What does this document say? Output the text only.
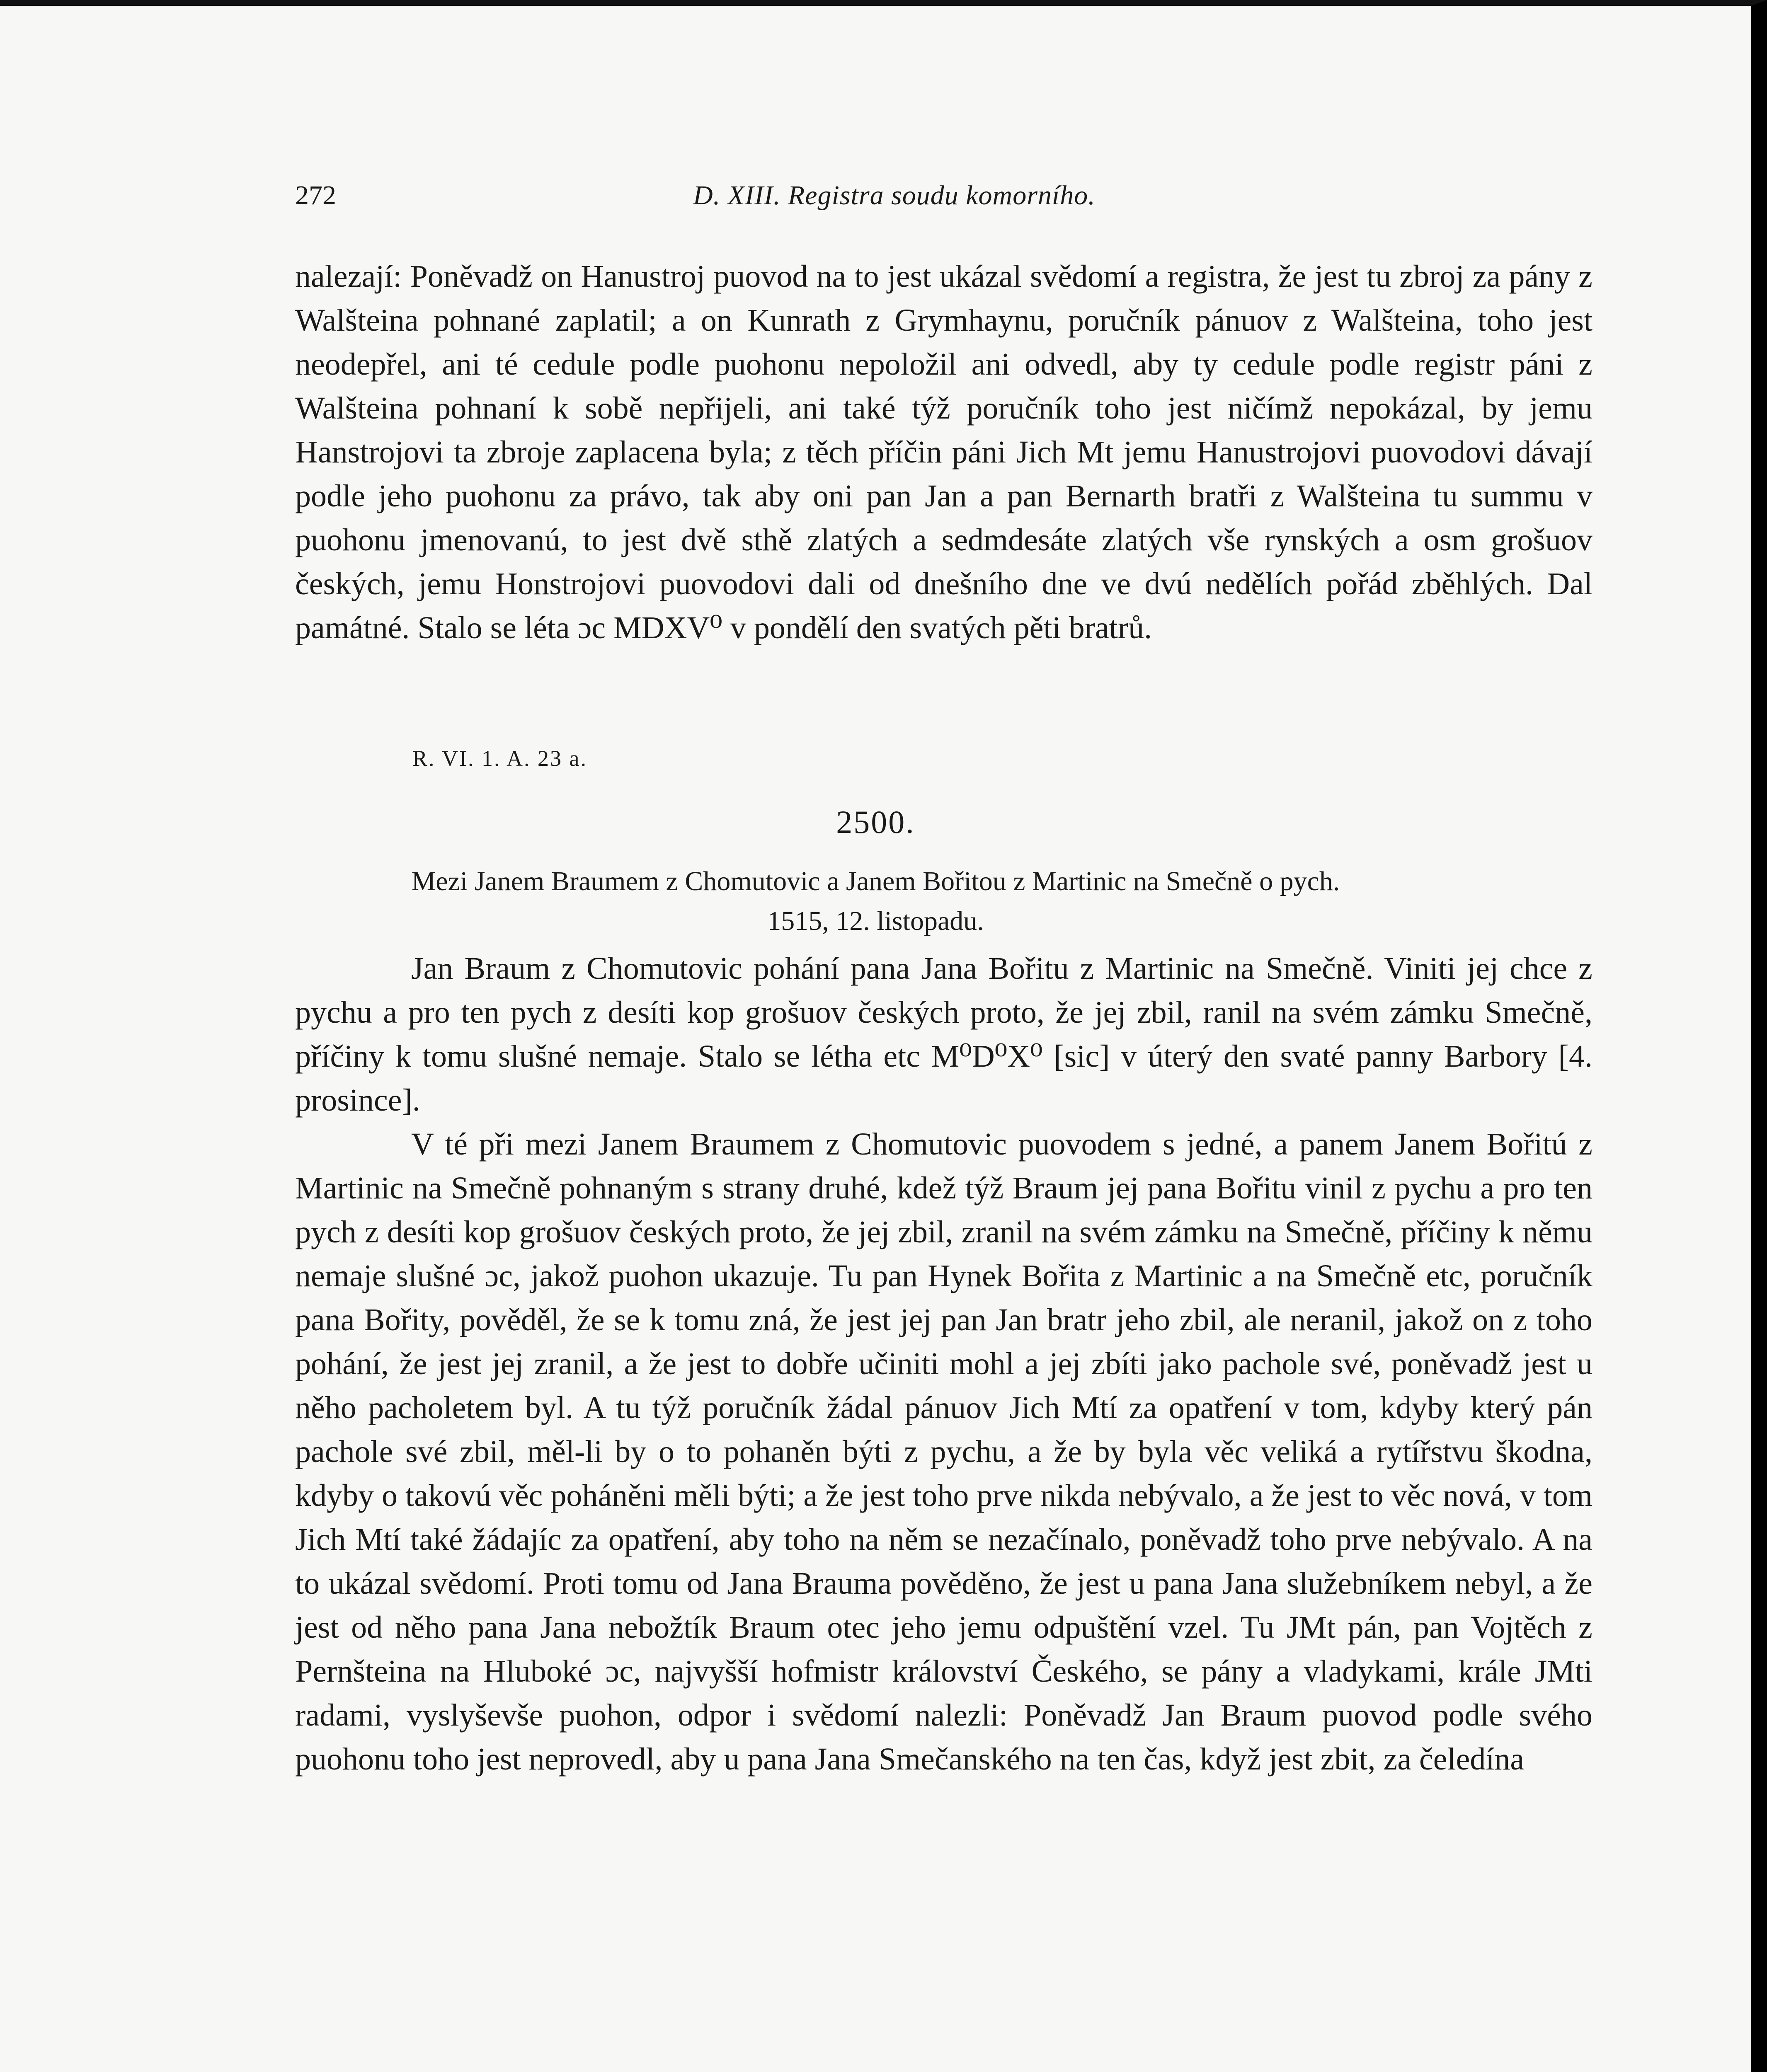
272	D. XIII. Registra soudu komorního.

nalezají: Poněvadž on Hanustroj puovod na to jest ukázal svědomí a registra, že jest tu zbroj za pány z Walšteina pohnané zaplatil; a on Kunrath z Grymhaynu, poručník pánuov z Walšteina, toho jest neodepřel, ani té cedule podle puohonu nepoložil ani odvedl, aby ty cedule podle registr páni z Walšteina pohnaní k sobě nepřijeli, ani také týž poručník toho jest ničímž nepokázal, by jemu Hanstrojovi ta zbroje zaplacena byla; z těch příčin páni Jich Mt jemu Hanustrojovi puovodovi dávají podle jeho puohonu za právo, tak aby oni pan Jan a pan Bernarth bratři z Walšteina tu summu v puohonu jmenovanú, to jest dvě sthě zlatých a sedmdesáte zlatých vše rynských a osm grošuov českých, jemu Honstrojovi puovodovi dali od dnešního dne ve dvú nedělích pořád zběhlých. Dal památné. Stalo se léta ɔc MDXV⁰ v pondělí den svatých pěti bratrů.

R. VI. 1. A. 23 a.
2500.
Mezi Janem Braumem z Chomutovic a Janem Bořitou z Martinic na Smečně o pych.
1515, 12. listopadu.

Jan Braum z Chomutovic pohání pana Jana Bořitu z Martinic na Smečně. Viniti jej chce z pychu a pro ten pych z desíti kop grošuov českých proto, že jej zbil, ranil na svém zámku Smečně, příčiny k tomu slušné nemaje. Stalo se létha etc M⁰D⁰X⁰ [sic] v úterý den svaté panny Barbory [4. prosince].

V té při mezi Janem Braumem z Chomutovic puovodem s jedné, a panem Janem Bořitú z Martinic na Smečně pohnaným s strany druhé, kdež týž Braum jej pana Bořitu vinil z pychu a pro ten pych z desíti kop grošuov českých proto, že jej zbil, zranil na svém zámku na Smečně, příčiny k němu nemaje slušné ɔc, jakož puohon ukazuje. Tu pan Hynek Bořita z Martinic a na Smečně etc, poručník pana Bořity, pověděl, že se k tomu zná, že jest jej pan Jan bratr jeho zbil, ale neranil, jakož on z toho pohání, že jest jej zranil, a že jest to dobře učiniti mohl a jej zbíti jako pachole své, poněvadž jest u něho pacholetem byl. A tu týž poručník žádal pánuov Jich Mtí za opatření v tom, kdyby který pán pachole své zbil, měl-li by o to pohaněn býti z pychu, a že by byla věc veliká a rytířstvu škodna, kdyby o takovú věc poháněni měli býti; a že jest toho prve nikda nebývalo, a že jest to věc nová, v tom Jich Mtí také žádajíc za opatření, aby toho na něm se nezačínalo, poněvadž toho prve nebývalo. A na to ukázal svědomí. Proti tomu od Jana Brauma pověděno, že jest u pana Jana služebníkem nebyl, a že jest od něho pana Jana nebožtík Braum otec jeho jemu odpuštění vzel. Tu JMt pán, pan Vojtěch z Pernšteina na Hluboké ɔc, najvyšší hofmistr království Českého, se pány a vladykami, krále JMti radami, vyslyševše puohon, odpor i svědomí nalezli: Poněvadž Jan Braum puovod podle svého puohonu toho jest neprovedl, aby u pana Jana Smečanského na ten čas, když jest zbit, za čeledína
